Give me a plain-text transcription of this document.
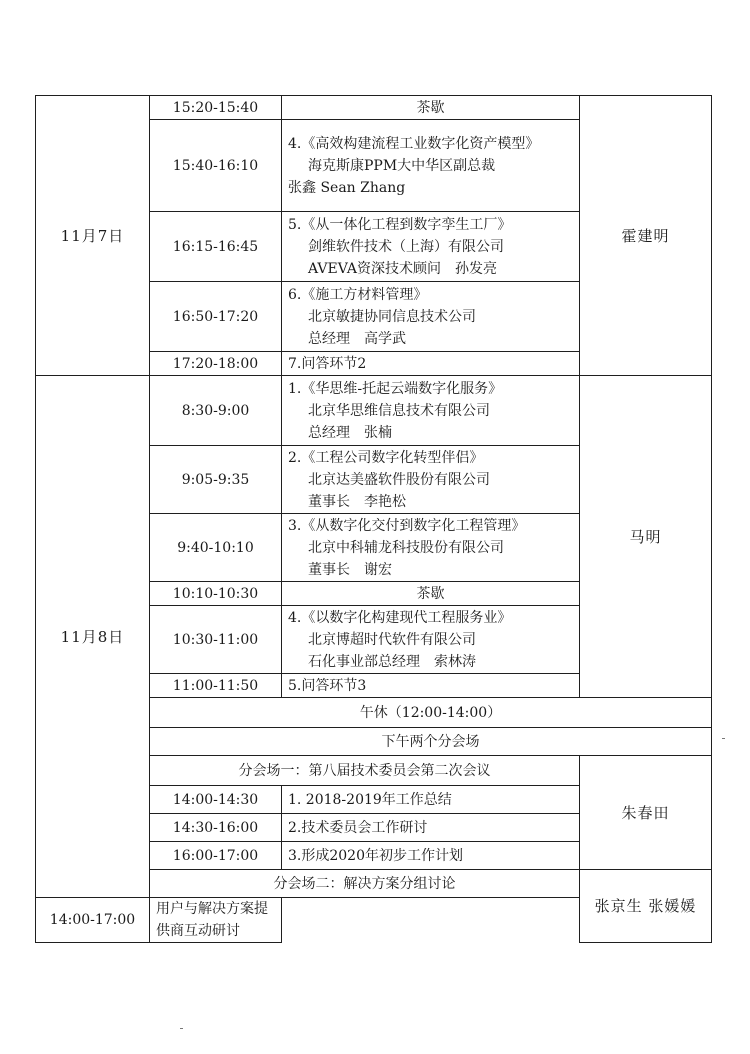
11月7日	15:20-15:40	茶歇	霍建明
	15:40-16:10	4.《高效构建流程工业数字化资产模型》
海克斯康PPM大中华区副总裁
张鑫 Sean Zhang	

	16:15-16:45	5.《从一体化工程到数字孪生工厂》
剑维软件技术（上海）有限公司
AVEVA资深技术顾问　孙发亮	

	16:50-17:20	6.《施工方材料管理》
北京敏捷协同信息技术公司
总经理　高学武	

	17:20-18:00	7.问答环节2	
11月8日	8:30-9:00	1.《华思维-托起云端数字化服务》
北京华思维信息技术有限公司
总经理　张楠	马明
	9:05-9:35	2.《工程公司数字化转型伴侣》
北京达美盛软件股份有限公司
董事长　李艳松	

	9:40-10:10	3.《从数字化交付到数字化工程管理》
北京中科辅龙科技股份有限公司
董事长　谢宏	

	10:10-10:30	茶歇	
	10:30-11:00	4.《以数字化构建现代工程服务业》
北京博超时代软件有限公司
石化事业部总经理　索林涛	

	11:00-11:50	5.问答环节3	
	午休（12:00-14:00）		
	下午两个分会场		
	分会场一：第八届技术委员会第二次会议		朱春田
	14:00-14:30	1. 2018-2019年工作总结	
	14:30-16:00	2.技术委员会工作研讨	
	16:00-17:00	3.形成2020年初步工作计划	
	分会场二：解决方案分组讨论		张京生 张媛媛
14:00-17:00	用户与解决方案提供商互动研讨		
